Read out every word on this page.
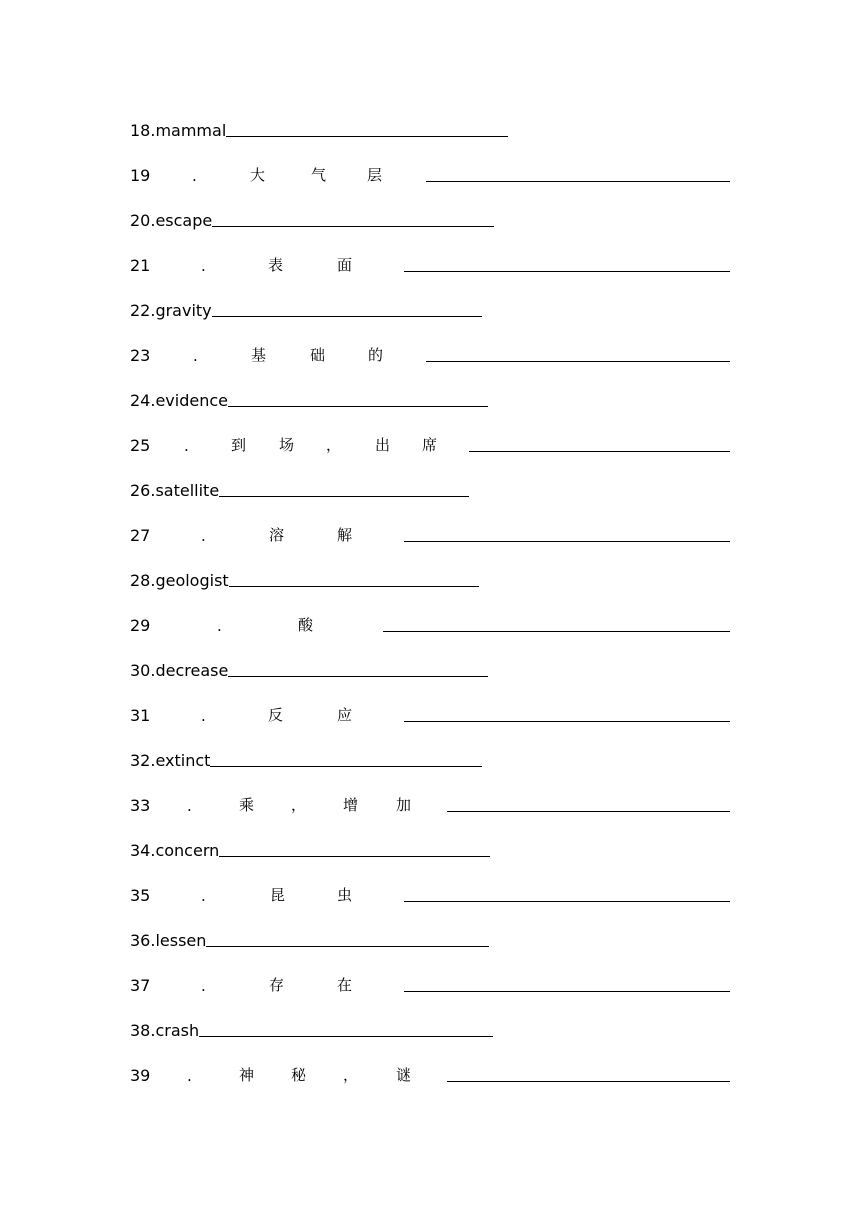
18.mammal
19	.	大	气	层
20.escape
21	.	表	面
22.gravity
23	.	基	础	的
24.evidence
25 .	到 场 ， 出 席
26.satellite
27	.	溶	解
28.geologist
29	.	酸
30.decrease
31	.	反	应
32.extinct
33 .	乘 ， 增	加
34.concern
35	.	昆	虫
36.lessen
37	.	存	在
38.crash
39 .	神 秘 ，	谜
